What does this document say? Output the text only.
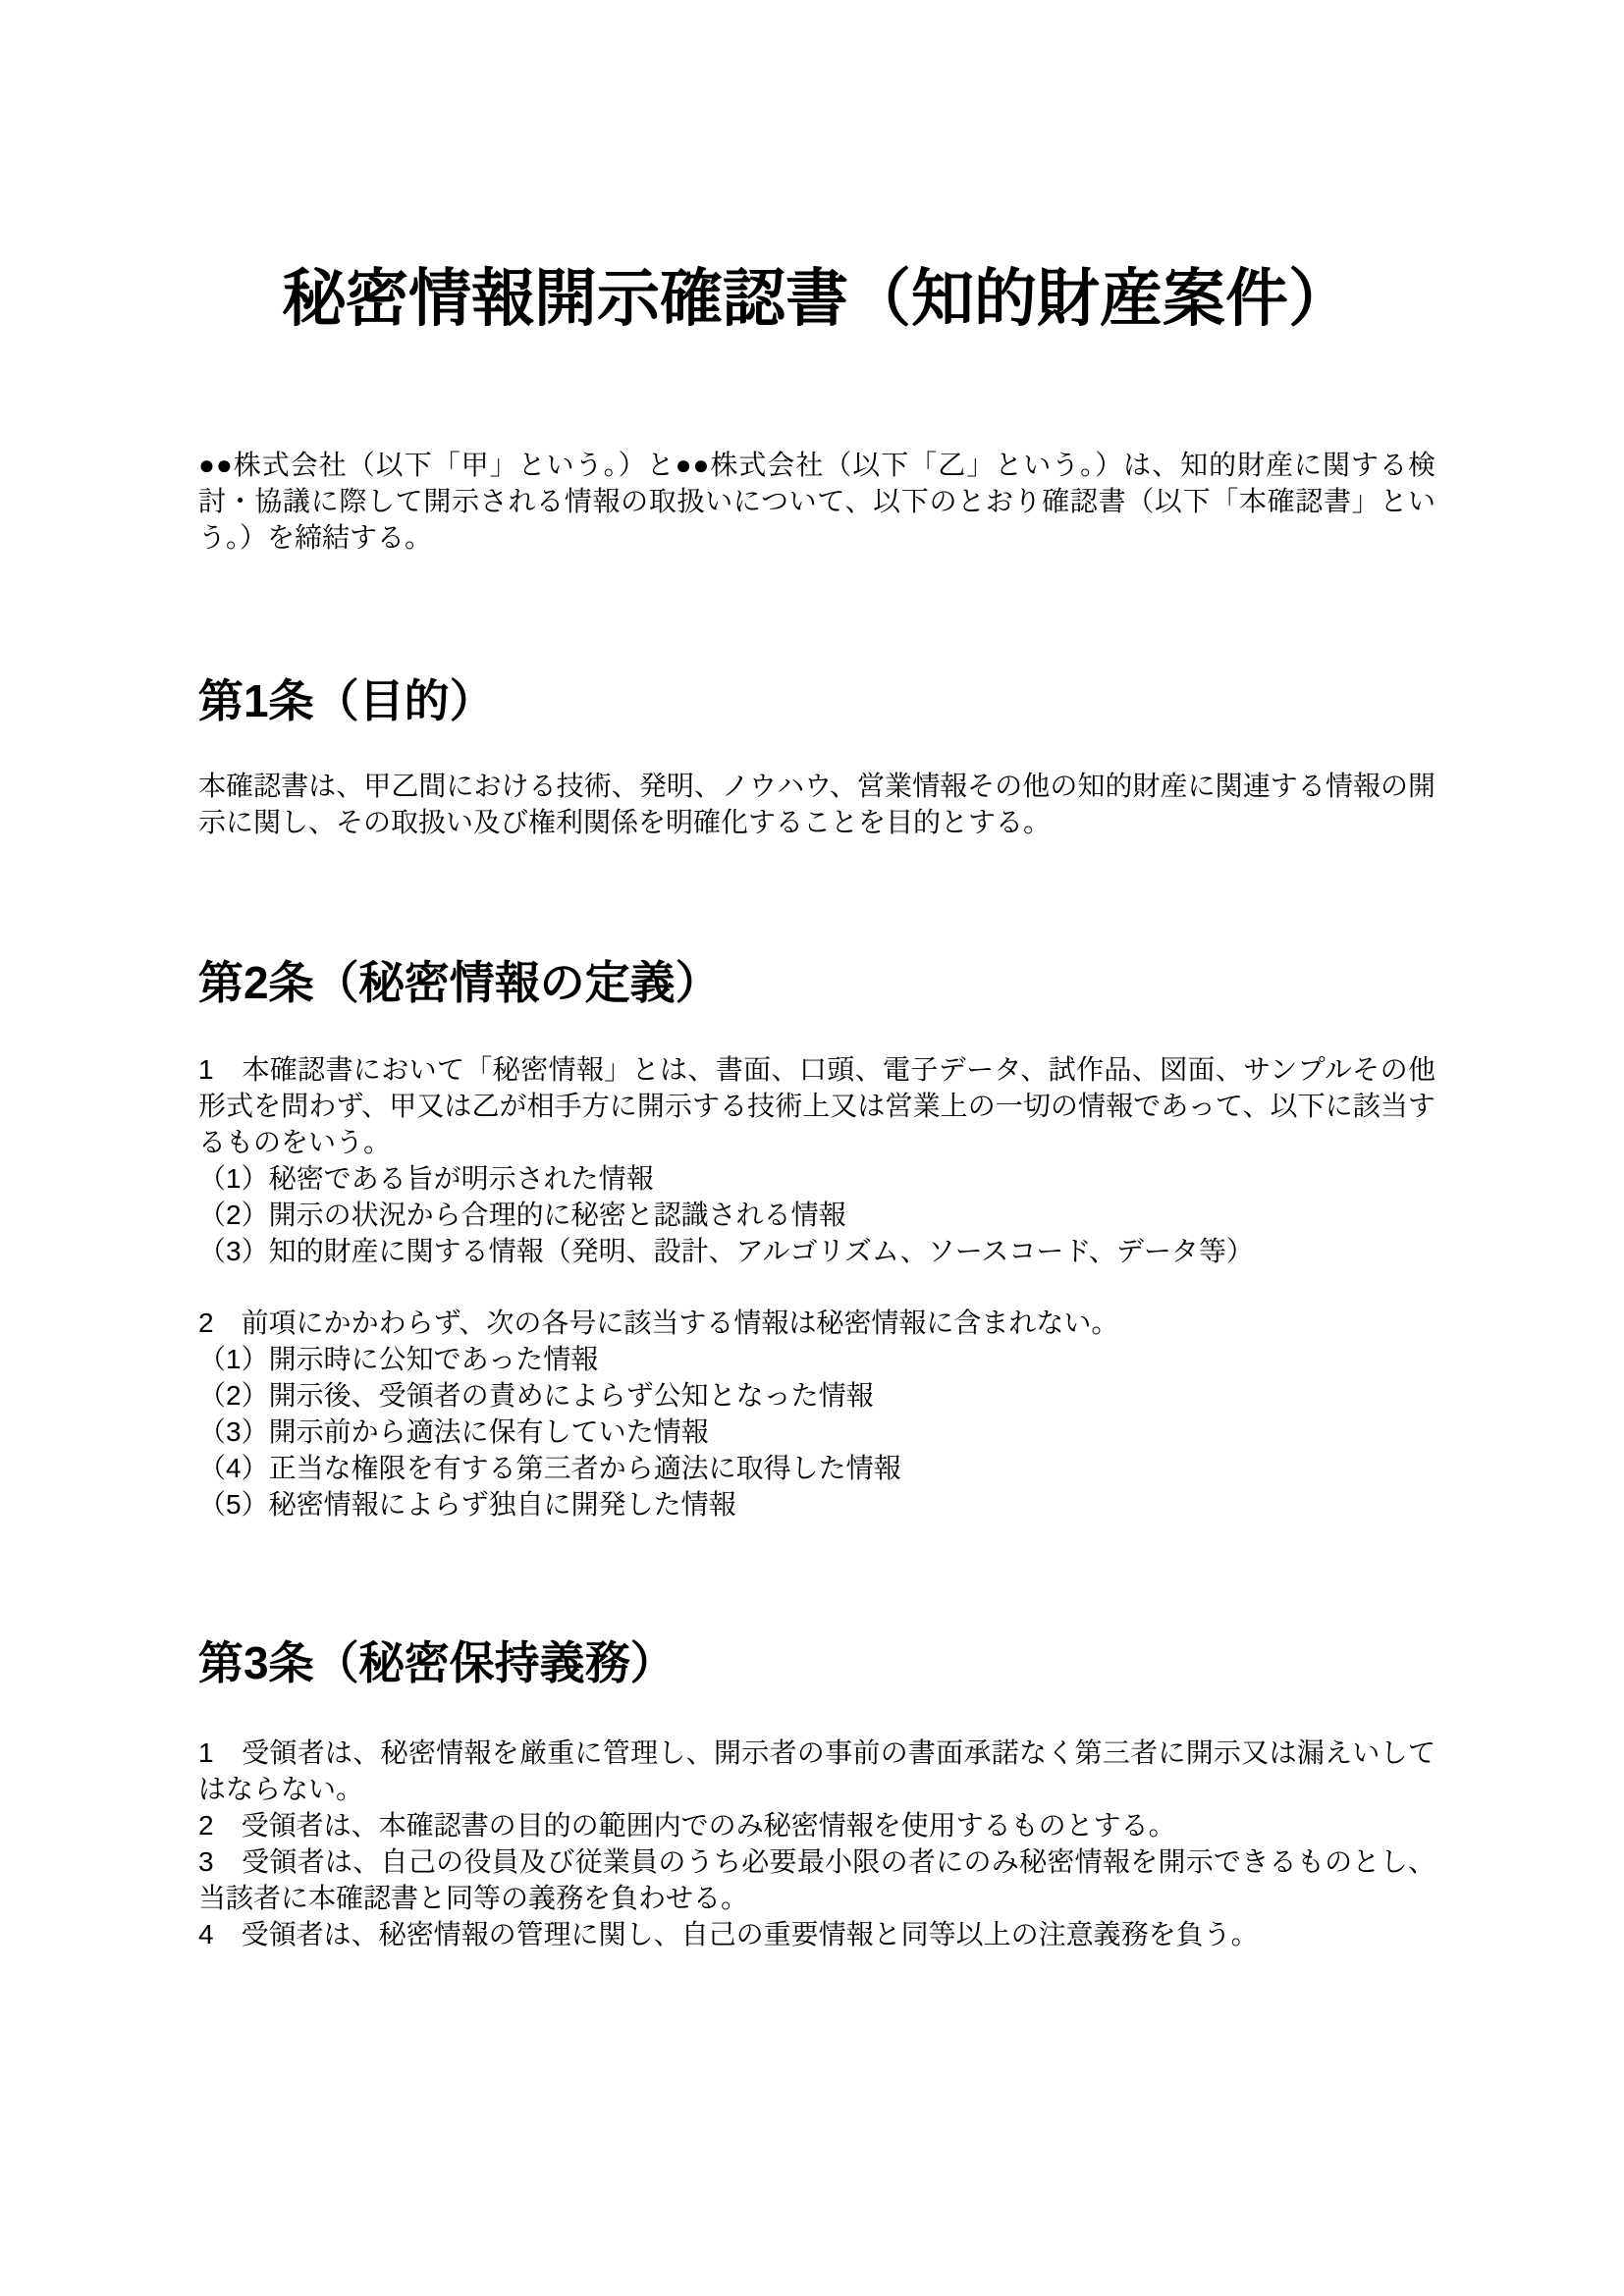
秘密情報開示確認書（知的財産案件）

●●株式会社（以下「甲」という。）と●●株式会社（以下「乙」という。）は、知的財産に関する検討・協議に際して開示される情報の取扱いについて、以下のとおり確認書（以下「本確認書」という。）を締結する。

第1条（目的）

本確認書は、甲乙間における技術、発明、ノウハウ、営業情報その他の知的財産に関連する情報の開示に関し、その取扱い及び権利関係を明確化することを目的とする。

第2条（秘密情報の定義）

1　本確認書において「秘密情報」とは、書面、口頭、電子データ、試作品、図面、サンプルその他形式を問わず、甲又は乙が相手方に開示する技術上又は営業上の一切の情報であって、以下に該当するものをいう。

（1）秘密である旨が明示された情報

（2）開示の状況から合理的に秘密と認識される情報

（3）知的財産に関する情報（発明、設計、アルゴリズム、ソースコード、データ等）

2　前項にかかわらず、次の各号に該当する情報は秘密情報に含まれない。

（1）開示時に公知であった情報

（2）開示後、受領者の責めによらず公知となった情報

（3）開示前から適法に保有していた情報

（4）正当な権限を有する第三者から適法に取得した情報

（5）秘密情報によらず独自に開発した情報

第3条（秘密保持義務）

1　受領者は、秘密情報を厳重に管理し、開示者の事前の書面承諾なく第三者に開示又は漏えいしてはならない。

2　受領者は、本確認書の目的の範囲内でのみ秘密情報を使用するものとする。

3　受領者は、自己の役員及び従業員のうち必要最小限の者にのみ秘密情報を開示できるものとし、当該者に本確認書と同等の義務を負わせる。

4　受領者は、秘密情報の管理に関し、自己の重要情報と同等以上の注意義務を負う。
